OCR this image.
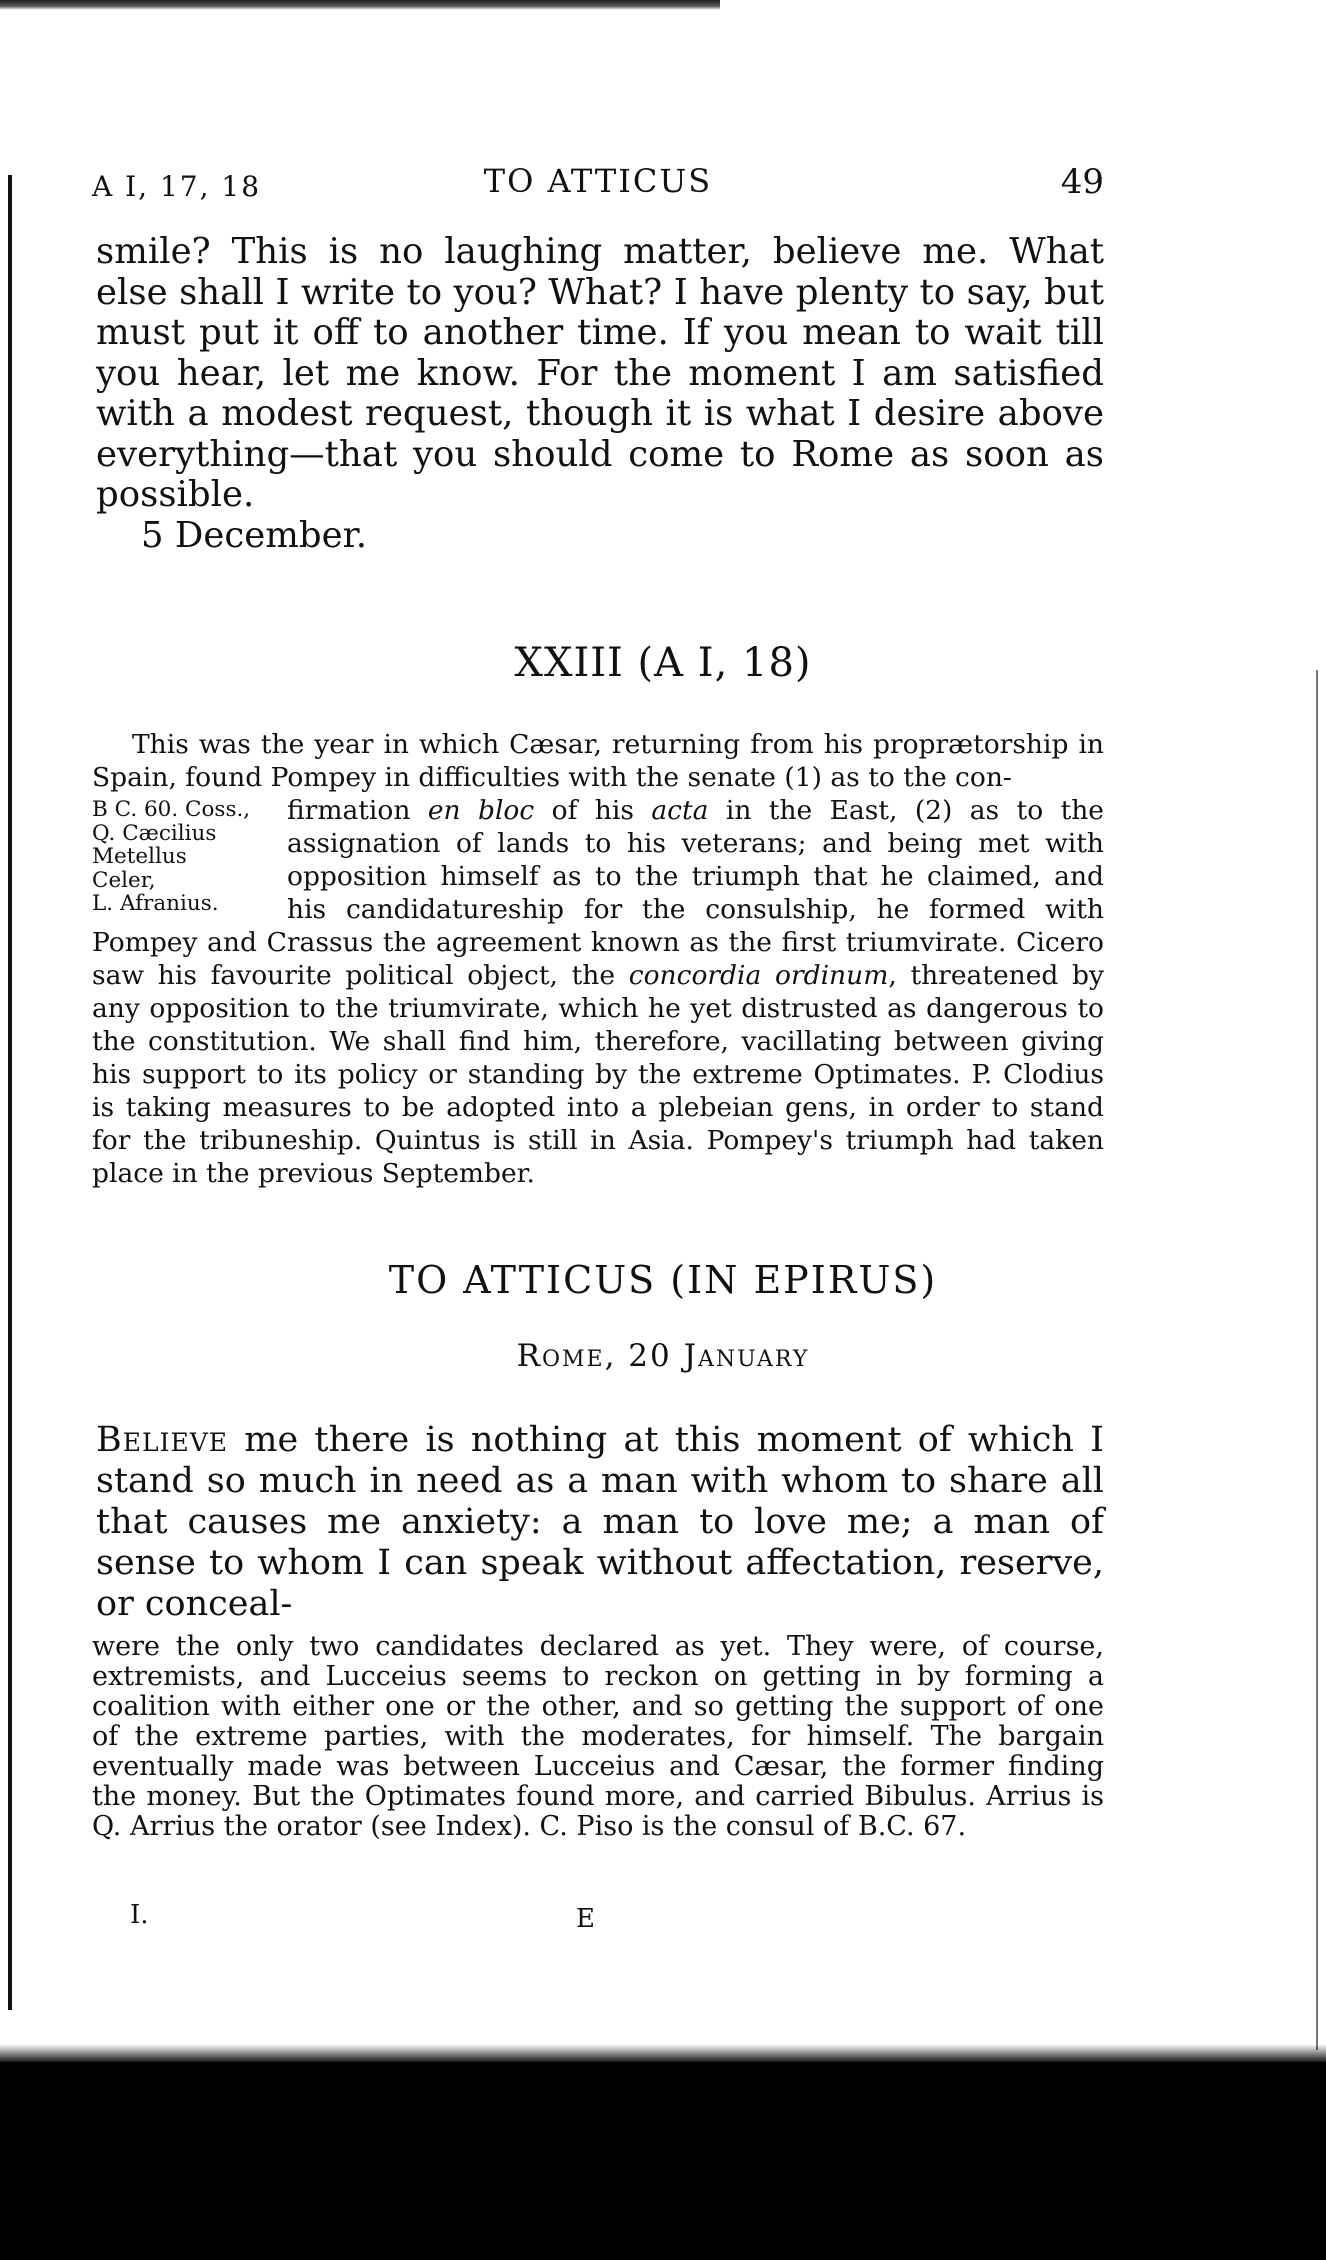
A I, 17, 18	TO ATTICUS	49
smile? This is no laughing matter, believe me. What else shall I write to you? What? I have plenty to say, but must put it off to another time. If you mean to wait till you hear, let me know. For the moment I am satisfied with a modest request, though it is what I desire above everything—that you should come to Rome as soon as possible.
5 December.
XXIII (A I, 18)
This was the year in which Cæsar, returning from his proprætorship in Spain, found Pompey in difficulties with the senate (1) as to the con-
B C. 60. Coss.,
Q. Cæcilius
Metellus
Celer,
L. Afranius.
firmation en bloc of his acta in the East, (2) as to the assignation of lands to his veterans; and being met with opposition himself as to the triumph that he claimed, and his candidatureship for the consulship, he formed with Pompey and Crassus the agreement known as the first triumvirate. Cicero saw his favourite political object, the concordia ordinum, threatened by any opposition to the triumvirate, which he yet distrusted as dangerous to the constitution. We shall find him, therefore, vacillating between giving his support to its policy or standing by the extreme Optimates. P. Clodius is taking measures to be adopted into a plebeian gens, in order to stand for the tribuneship. Quintus is still in Asia. Pompey's triumph had taken place in the previous September.
TO ATTICUS (IN EPIRUS)
Rome, 20 January
Believe me there is nothing at this moment of which I stand so much in need as a man with whom to share all that causes me anxiety: a man to love me; a man of sense to whom I can speak without affectation, reserve, or conceal-
were the only two candidates declared as yet. They were, of course, extremists, and Lucceius seems to reckon on getting in by forming a coalition with either one or the other, and so getting the support of one of the extreme parties, with the moderates, for himself. The bargain eventually made was between Lucceius and Cæsar, the former finding the money. But the Optimates found more, and carried Bibulus. Arrius is Q. Arrius the orator (see Index). C. Piso is the consul of B.C. 67.
I.	E
